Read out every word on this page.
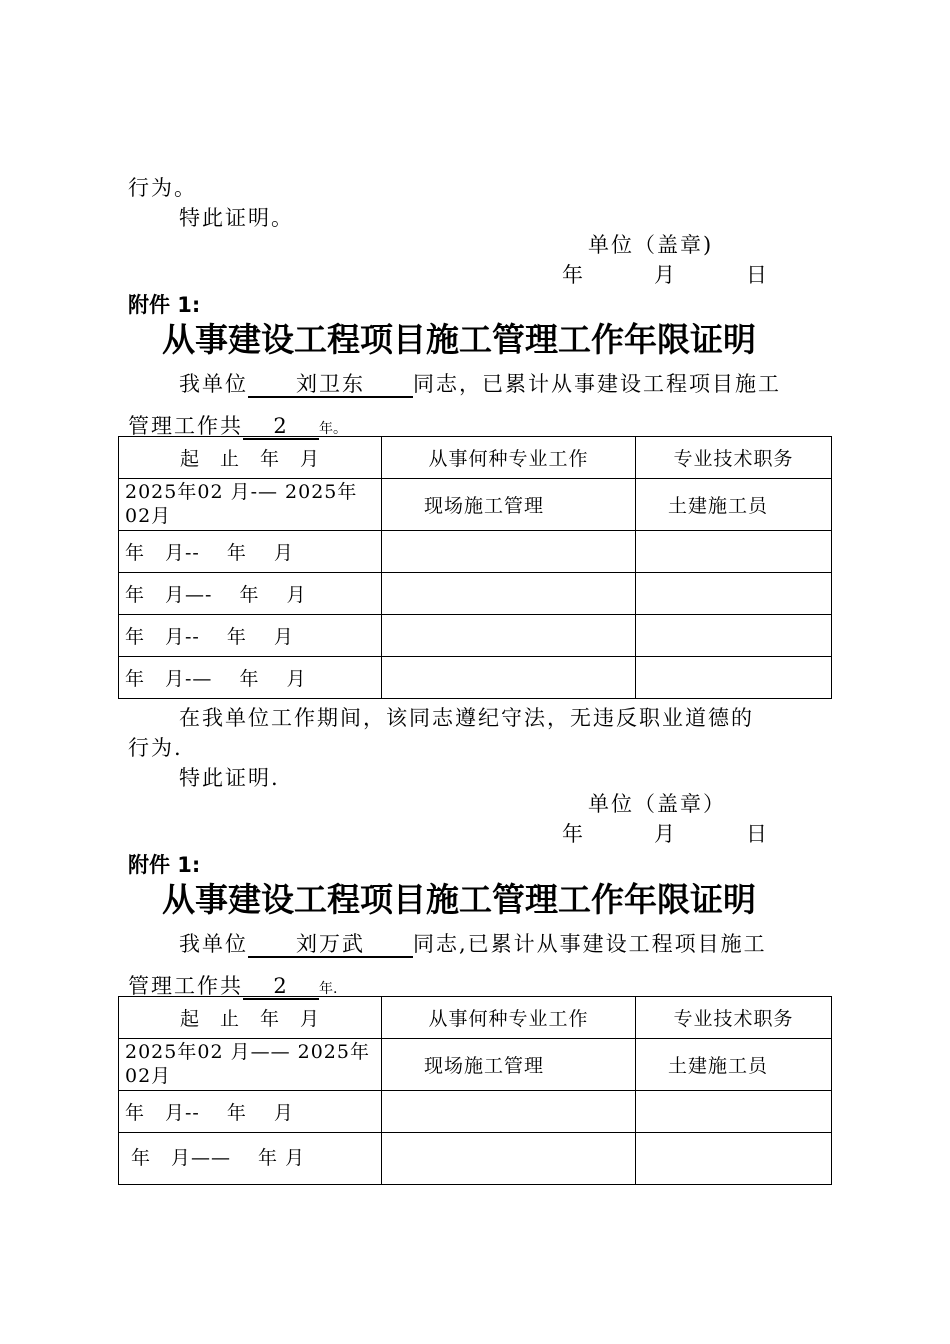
行为。
特此证明。
单位（盖章)
年　　　月　　　日
附件 1:
从事建设工程项目施工管理工作年限证明
我单位 刘卫东 同志，已累计从事建设工程项目施工
管理工作共 2 年。
起　止　年　月	从事何种专业工作	专业技术职务
2025年02 月-— 2025年　 02月	现场施工管理	土建施工员
年　月--　 年　 月		
年　月—-　 年　 月		
年　月--　 年　 月		
年　月-—　 年　 月		
在我单位工作期间，该同志遵纪守法，无违反职业道德的
行为.
特此证明.
单位（盖章）
年　　　月　　　日
附件 1:
从事建设工程项目施工管理工作年限证明
我单位 刘万武 同志,已累计从事建设工程项目施工
管理工作共 2 年.
起　止　年　月	从事何种专业工作	专业技术职务
2025年02 月—— 2025年　 02月	现场施工管理	土建施工员
年　月--　 年　 月		
年　月——　 年 月		
